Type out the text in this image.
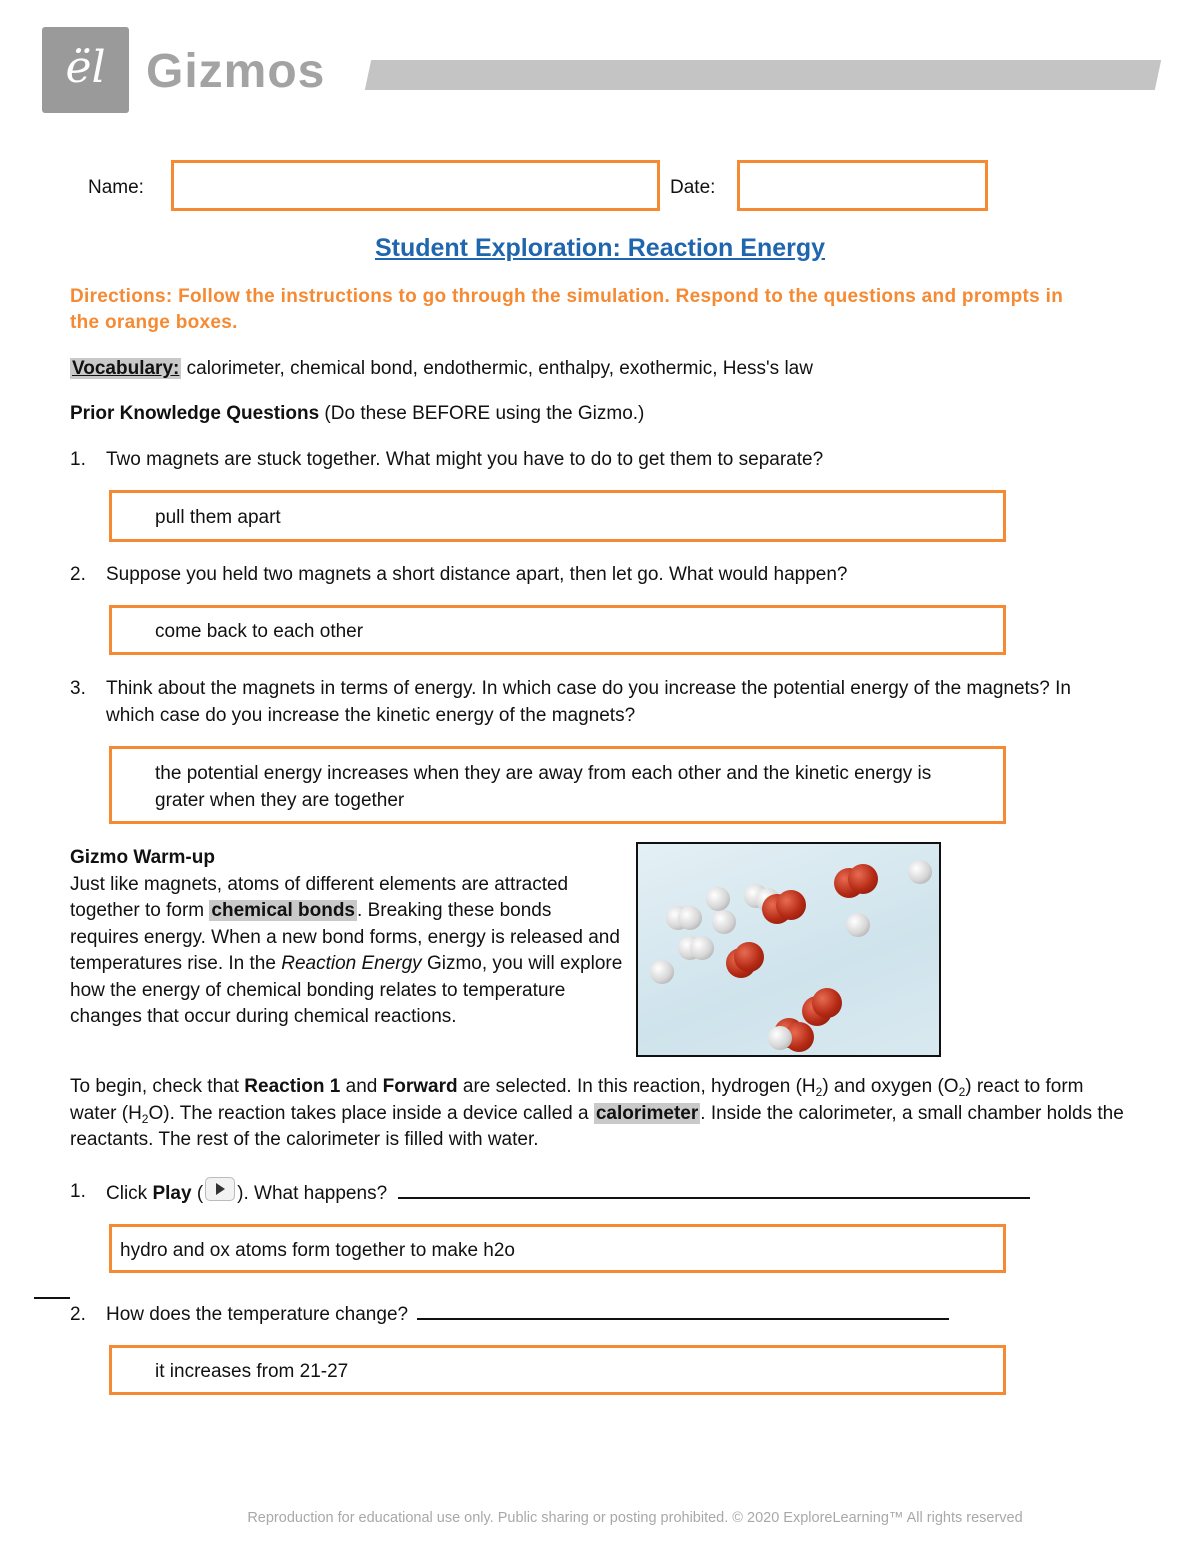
ël Gizmos
Name:	Date:
Student Exploration: Reaction Energy
Directions: Follow the instructions to go through the simulation. Respond to the questions and prompts in the orange boxes.
Vocabulary: calorimeter, chemical bond, endothermic, enthalpy, exothermic, Hess's law
Prior Knowledge Questions (Do these BEFORE using the Gizmo.)
1. Two magnets are stuck together. What might you have to do to get them to separate?
pull them apart
2. Suppose you held two magnets a short distance apart, then let go. What would happen?
come back to each other
3. Think about the magnets in terms of energy. In which case do you increase the potential energy of the magnets? In which case do you increase the kinetic energy of the magnets?
the potential energy increases when they are away from each other and the kinetic energy is grater when they are together
Gizmo Warm-up
Just like magnets, atoms of different elements are attracted together to form chemical bonds . Breaking these bonds requires energy. When a new bond forms, energy is released and temperatures rise. In the Reaction Energy Gizmo, you will explore how the energy of chemical bonding relates to temperature changes that occur during chemical reactions.
To begin, check that Reaction 1 and Forward are selected. In this reaction, hydrogen $(H_2)$ and oxygen $(O_2)$ react to form water $(H_2O)$. The reaction takes place inside a device called a calorimeter . Inside the calorimeter, a small chamber holds the reactants. The rest of the calorimeter is filled with water.
1. Click Play ( ). What happens?
hydro and ox atoms form together to make h2o
2. How does the temperature change?
it increases from 21-27
Reproduction for educational use only. Public sharing or posting prohibited. © 2020 ExploreLearning™ All rights reserved
